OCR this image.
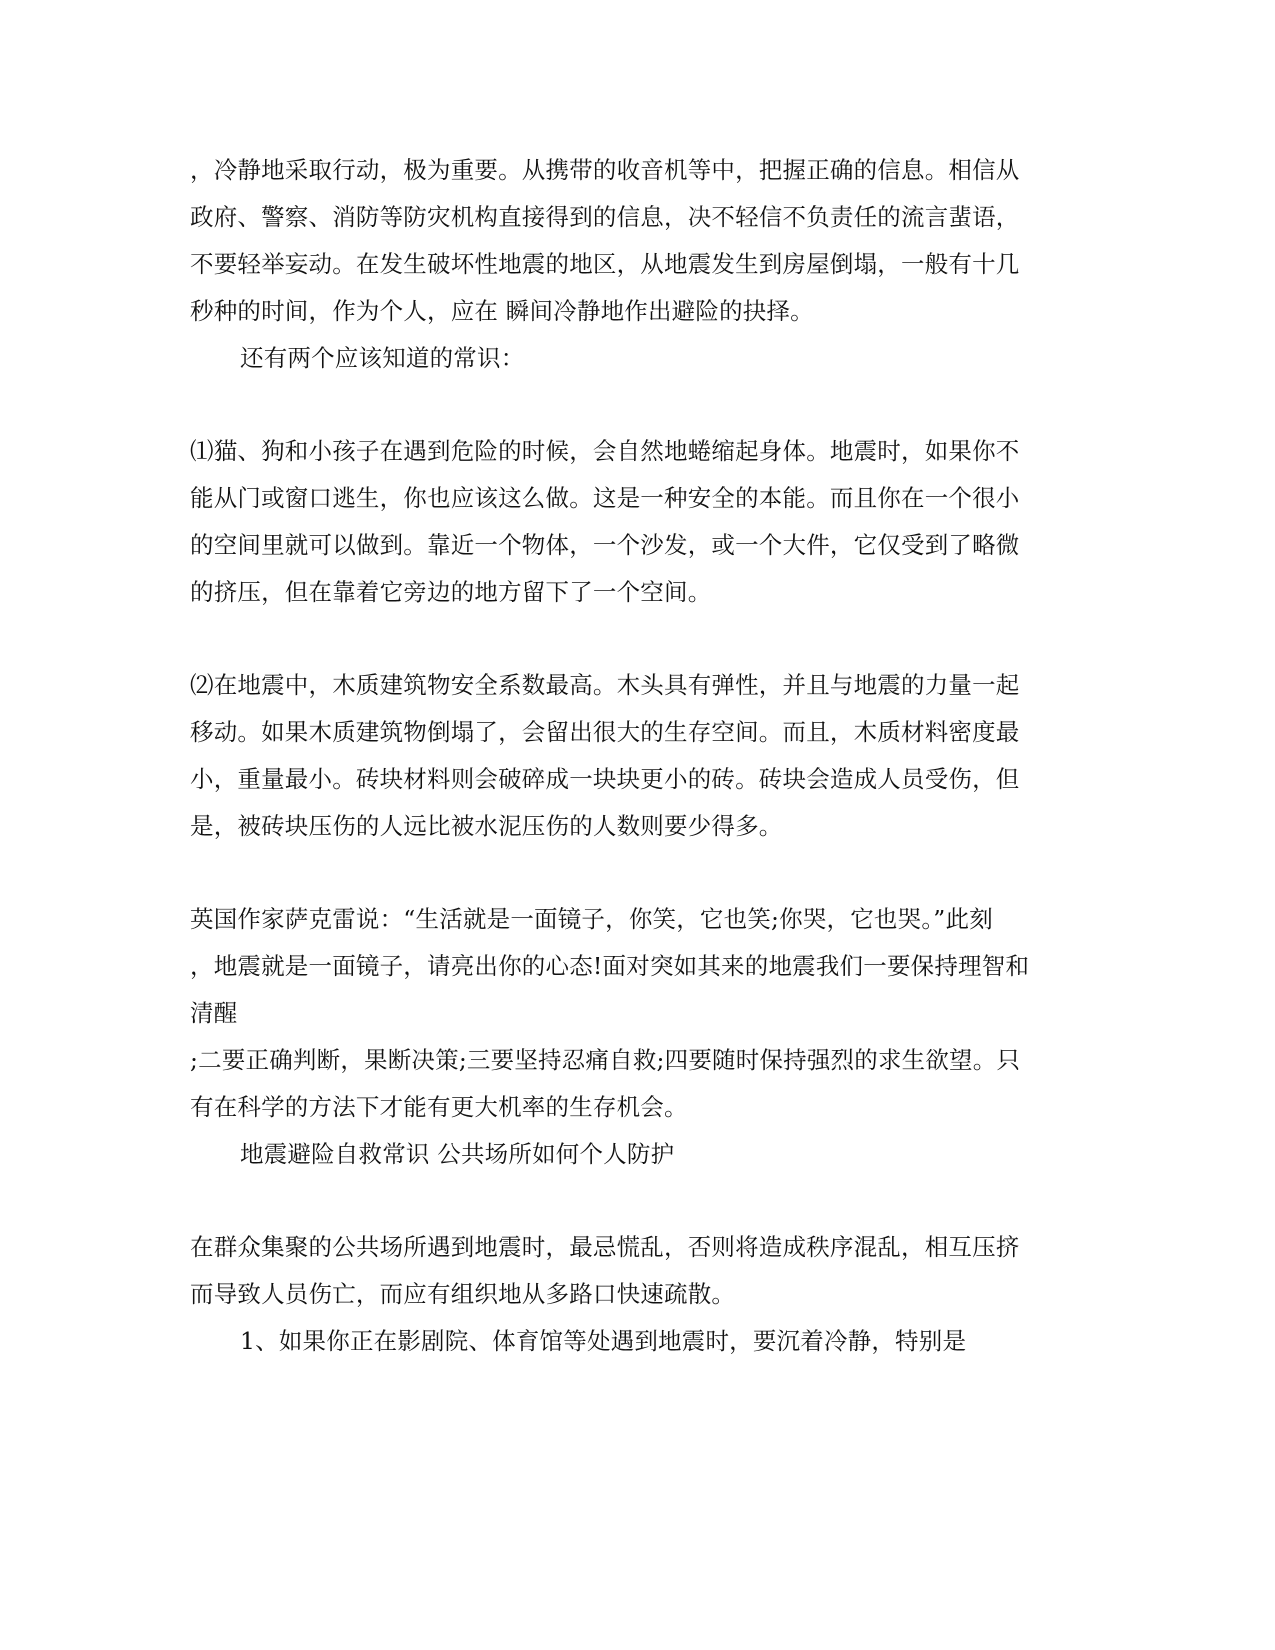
，冷静地采取行动，极为重要。从携带的收音机等中，把握正确的信息。相信从

政府、警察、消防等防灾机构直接得到的信息，决不轻信不负责任的流言蜚语，

不要轻举妄动。在发生破坏性地震的地区，从地震发生到房屋倒塌，一般有十几

秒种的时间，作为个人，应在 瞬间冷静地作出避险的抉择。

还有两个应该知道的常识：

⑴猫、狗和小孩子在遇到危险的时候，会自然地蜷缩起身体。地震时，如果你不

能从门或窗口逃生，你也应该这么做。这是一种安全的本能。而且你在一个很小

的空间里就可以做到。靠近一个物体，一个沙发，或一个大件，它仅受到了略微

的挤压，但在靠着它旁边的地方留下了一个空间。

⑵在地震中，木质建筑物安全系数最高。木头具有弹性，并且与地震的力量一起

移动。如果木质建筑物倒塌了，会留出很大的生存空间。而且，木质材料密度最

小，重量最小。砖块材料则会破碎成一块块更小的砖。砖块会造成人员受伤，但

是，被砖块压伤的人远比被水泥压伤的人数则要少得多。

英国作家萨克雷说：“生活就是一面镜子，你笑，它也笑;你哭，它也哭。”此刻

，地震就是一面镜子，请亮出你的心态!面对突如其来的地震我们一要保持理智和

清醒

;二要正确判断，果断决策;三要坚持忍痛自救;四要随时保持强烈的求生欲望。只

有在科学的方法下才能有更大机率的生存机会。

地震避险自救常识 公共场所如何个人防护

在群众集聚的公共场所遇到地震时，最忌慌乱，否则将造成秩序混乱，相互压挤

而导致人员伤亡，而应有组织地从多路口快速疏散。

1、如果你正在影剧院、体育馆等处遇到地震时，要沉着冷静，特别是
